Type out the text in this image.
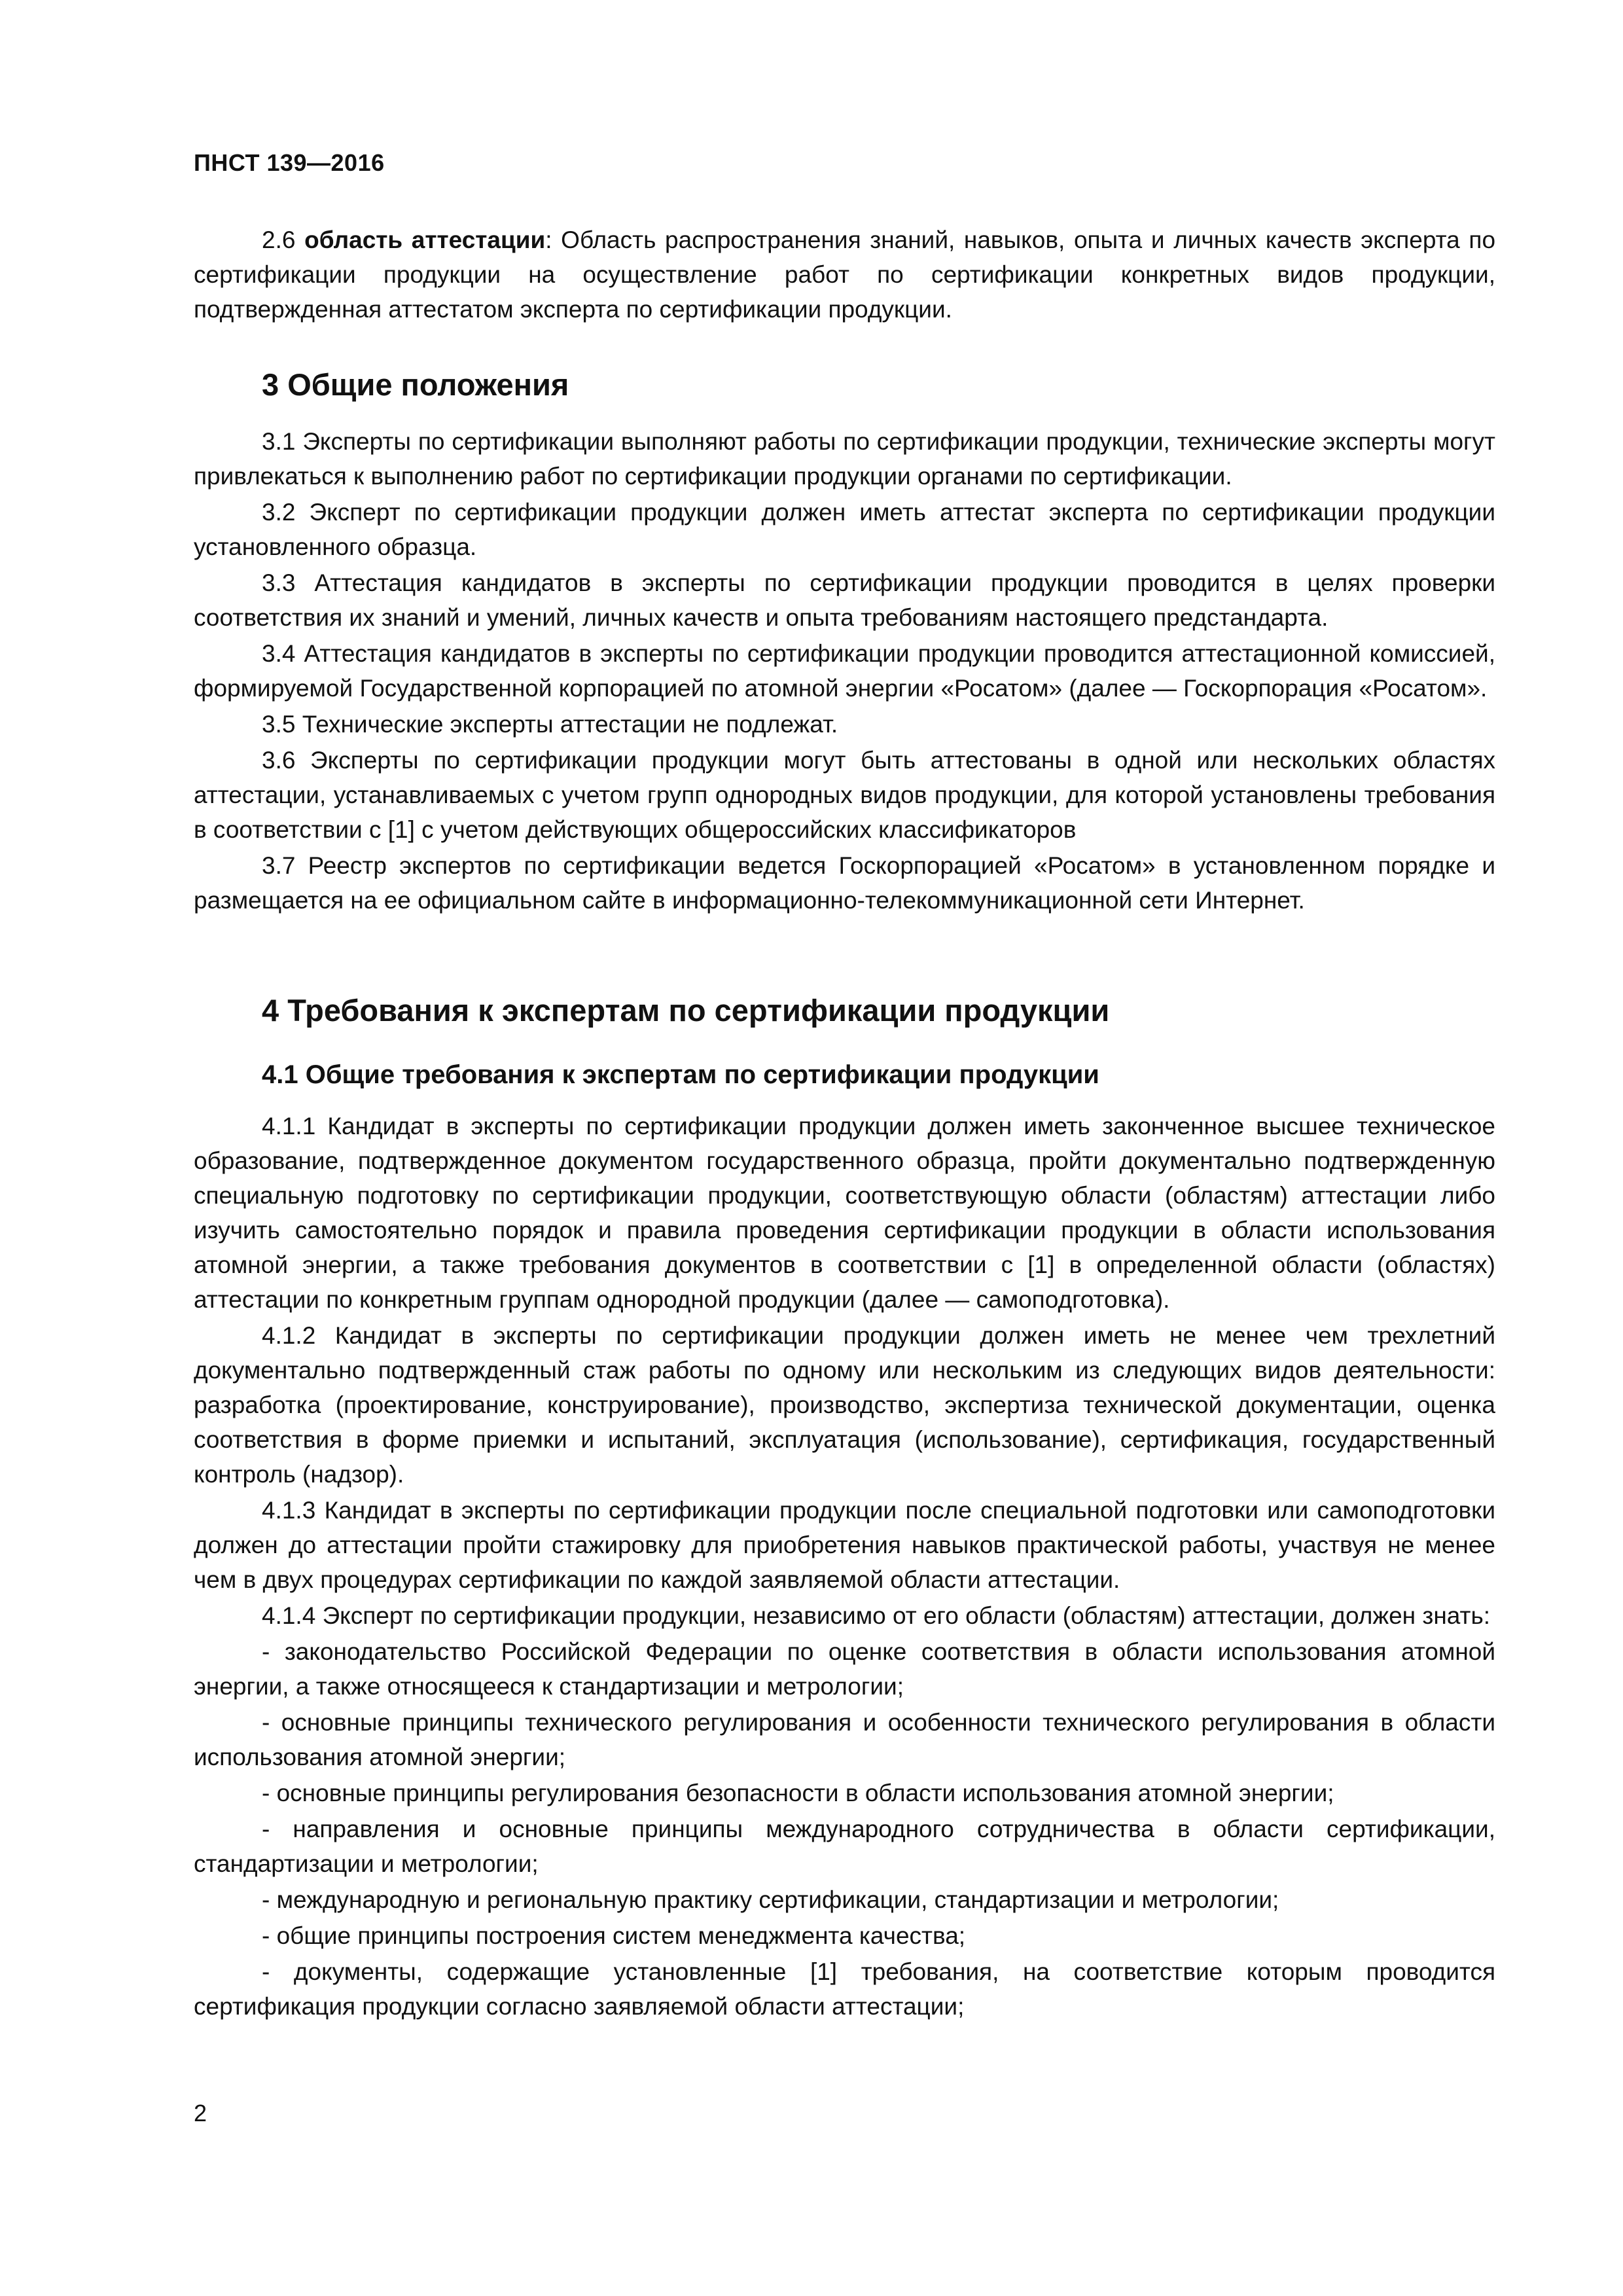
ПНСТ 139—2016

2.6 область аттестации: Область распространения знаний, навыков, опыта и личных качеств эксперта по сертификации продукции на осуществление работ по сертификации конкретных видов продукции, подтвержденная аттестатом эксперта по сертификации продукции.

3 Общие положения

3.1 Эксперты по сертификации выполняют работы по сертификации продукции, технические эксперты могут привлекаться к выполнению работ по сертификации продукции органами по сертификации.

3.2 Эксперт по сертификации продукции должен иметь аттестат эксперта по сертификации продукции установленного образца.

3.3 Аттестация кандидатов в эксперты по сертификации продукции проводится в целях проверки соответствия их знаний и умений, личных качеств и опыта требованиям настоящего предстандарта.

3.4 Аттестация кандидатов в эксперты по сертификации продукции проводится аттестационной комиссией, формируемой Государственной корпорацией по атомной энергии «Росатом» (далее — Госкорпорация «Росатом».

3.5 Технические эксперты аттестации не подлежат.

3.6 Эксперты по сертификации продукции могут быть аттестованы в одной или нескольких областях аттестации, устанавливаемых с учетом групп однородных видов продукции, для которой установлены требования в соответствии с [1] с учетом действующих общероссийских классификаторов

3.7 Реестр экспертов по сертификации ведется Госкорпорацией «Росатом» в установленном порядке и размещается на ее официальном сайте в информационно-телекоммуникационной сети Интернет.

4 Требования к экспертам по сертификации продукции
4.1 Общие требования к экспертам по сертификации продукции

4.1.1 Кандидат в эксперты по сертификации продукции должен иметь законченное высшее техническое образование, подтвержденное документом государственного образца, пройти документально подтвержденную специальную подготовку по сертификации продукции, соответствующую области (областям) аттестации либо изучить самостоятельно порядок и правила проведения сертификации продукции в области использования атомной энергии, а также требования документов в соответствии с [1] в определенной области (областях) аттестации по конкретным группам однородной продукции (далее — самоподготовка).

4.1.2 Кандидат в эксперты по сертификации продукции должен иметь не менее чем трехлетний документально подтвержденный стаж работы по одному или нескольким из следующих видов деятельности: разработка (проектирование, конструирование), производство, экспертиза технической документации, оценка соответствия в форме приемки и испытаний, эксплуатация (использование), сертификация, государственный контроль (надзор).

4.1.3 Кандидат в эксперты по сертификации продукции после специальной подготовки или самоподготовки должен до аттестации пройти стажировку для приобретения навыков практической работы, участвуя не менее чем в двух процедурах сертификации по каждой заявляемой области аттестации.

4.1.4 Эксперт по сертификации продукции, независимо от его области (областям) аттестации, должен знать:

- законодательство Российской Федерации по оценке соответствия в области использования атомной энергии, а также относящееся к стандартизации и метрологии;

- основные принципы технического регулирования и особенности технического регулирования в области использования атомной энергии;

- основные принципы регулирования безопасности в области использования атомной энергии;

- направления и основные принципы международного сотрудничества в области сертификации, стандартизации и метрологии;

- международную и региональную практику сертификации, стандартизации и метрологии;

- общие принципы построения систем менеджмента качества;

- документы, содержащие установленные [1] требования, на соответствие которым проводится сертификация продукции согласно заявляемой области аттестации;

2
